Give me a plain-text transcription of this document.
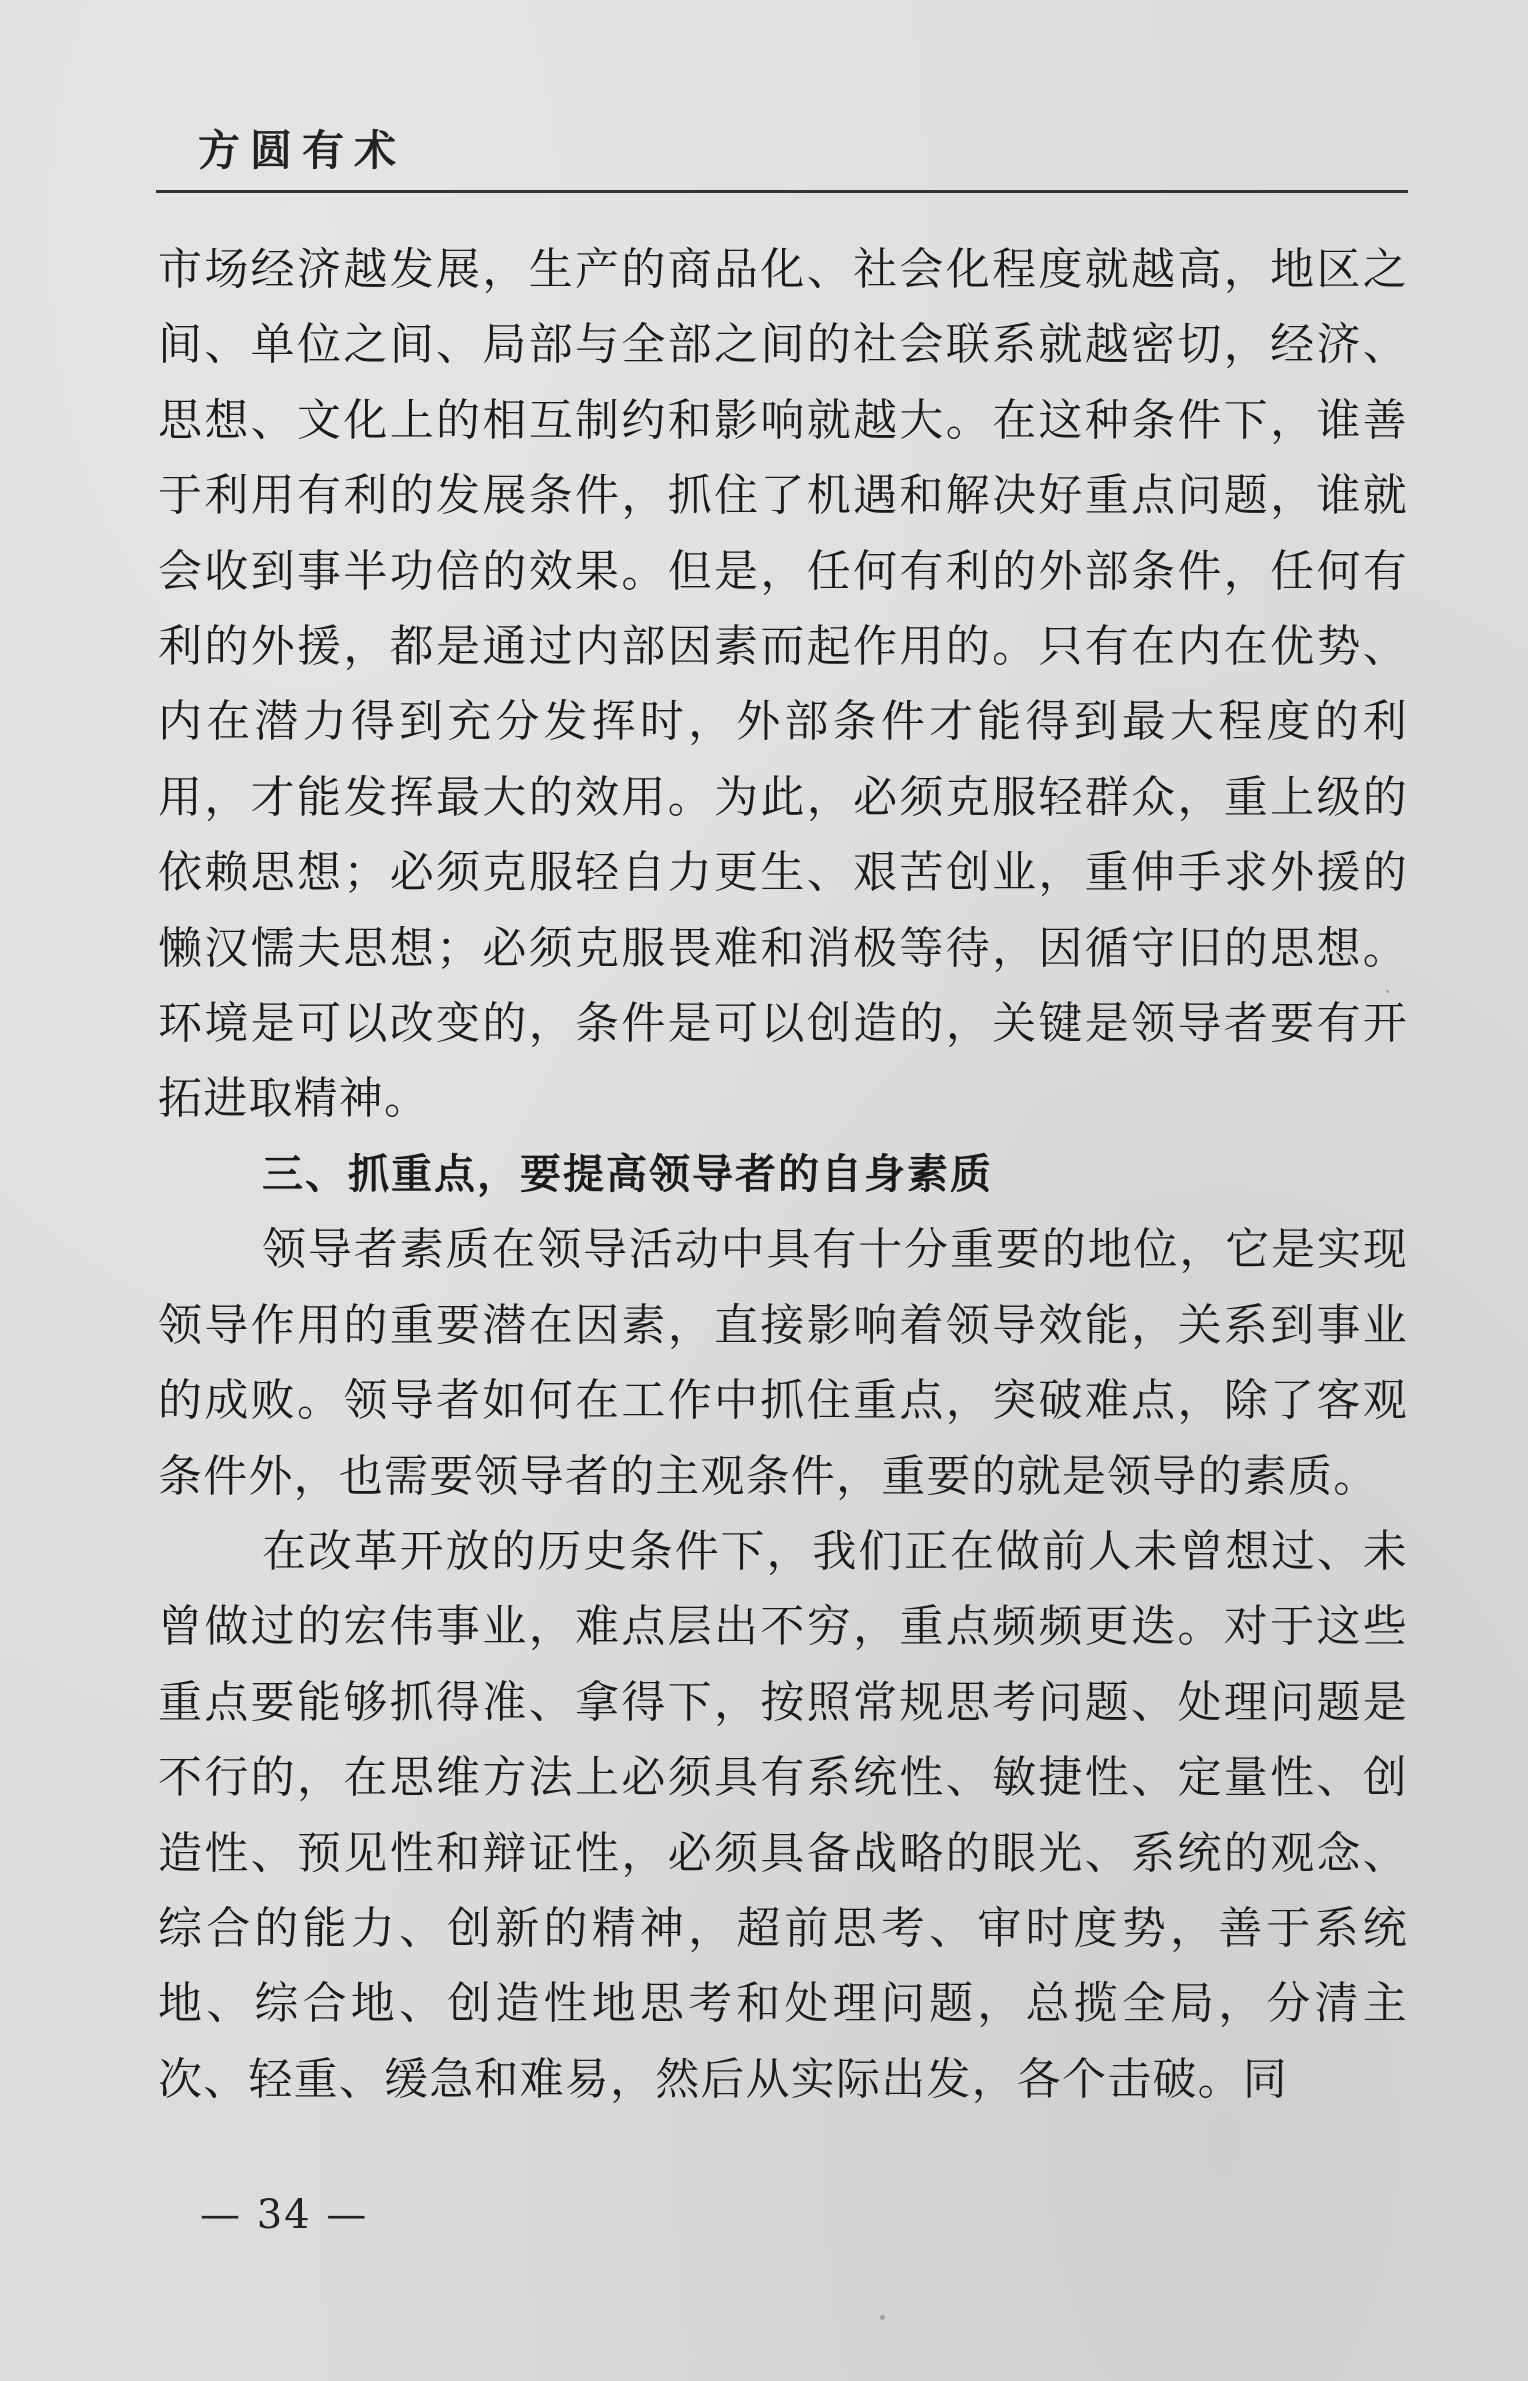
方圆有术

市场经济越发展，生产的商品化、社会化程度就越高，地区之间、单位之间、局部与全部之间的社会联系就越密切，经济、思想、文化上的相互制约和影响就越大。在这种条件下，谁善于利用有利的发展条件，抓住了机遇和解决好重点问题，谁就会收到事半功倍的效果。但是，任何有利的外部条件，任何有利的外援，都是通过内部因素而起作用的。只有在内在优势、内在潜力得到充分发挥时，外部条件才能得到最大程度的利用，才能发挥最大的效用。为此，必须克服轻群众，重上级的依赖思想；必须克服轻自力更生、艰苦创业，重伸手求外援的懒汉懦夫思想；必须克服畏难和消极等待，因循守旧的思想。环境是可以改变的，条件是可以创造的，关键是领导者要有开拓进取精神。

三、抓重点，要提高领导者的自身素质

领导者素质在领导活动中具有十分重要的地位，它是实现领导作用的重要潜在因素，直接影响着领导效能，关系到事业的成败。领导者如何在工作中抓住重点，突破难点，除了客观条件外，也需要领导者的主观条件，重要的就是领导的素质。

在改革开放的历史条件下，我们正在做前人未曾想过、未曾做过的宏伟事业，难点层出不穷，重点频频更迭。对于这些重点要能够抓得准、拿得下，按照常规思考问题、处理问题是不行的，在思维方法上必须具有系统性、敏捷性、定量性、创造性、预见性和辩证性，必须具备战略的眼光、系统的观念、综合的能力、创新的精神，超前思考、审时度势，善于系统地、综合地、创造性地思考和处理问题，总揽全局，分清主次、轻重、缓急和难易，然后从实际出发，各个击破。同

— 34 —
